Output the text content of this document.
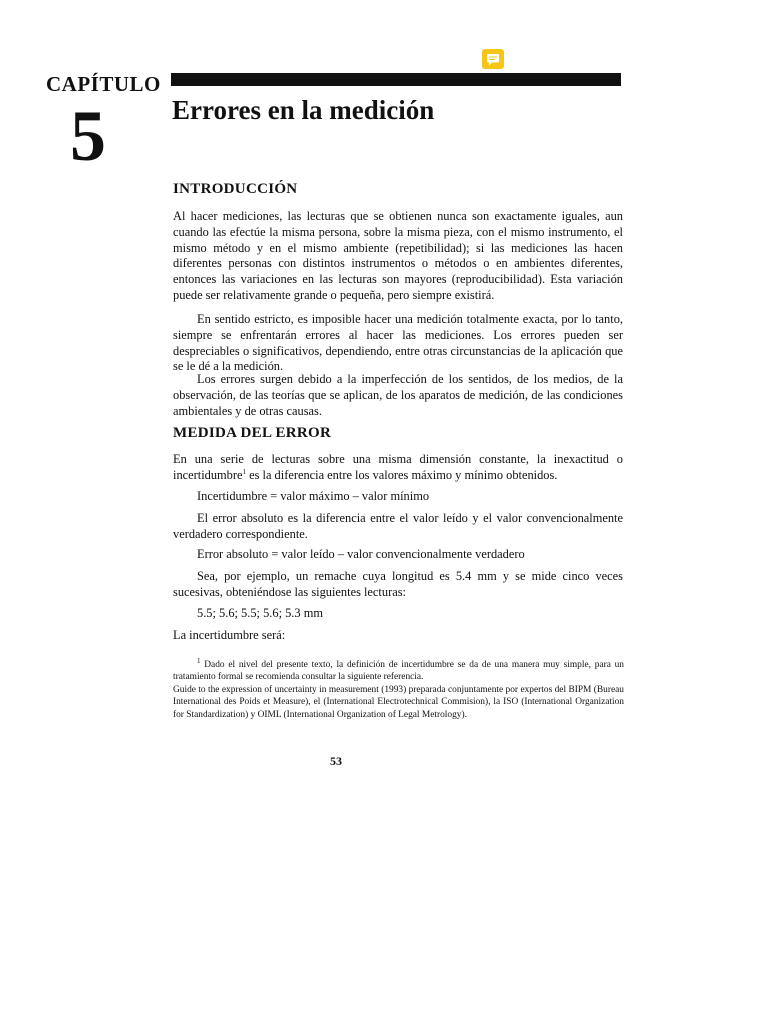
CAPÍTULO
5 Errores en la medición
INTRODUCCIÓN

Al hacer mediciones, las lecturas que se obtienen nunca son exactamente iguales, aun cuando las efectúe la misma persona, sobre la misma pieza, con el mismo instrumento, el mismo método y en el mismo ambiente (repetibilidad); si las mediciones las hacen diferentes personas con distintos instrumentos o métodos o en ambientes diferentes, entonces las variaciones en las lecturas son mayores (reproducibilidad). Esta variación puede ser relativamente grande o pequeña, pero siempre existirá.

En sentido estricto, es imposible hacer una medición totalmente exacta, por lo tanto, siempre se enfrentarán errores al hacer las mediciones. Los errores pueden ser despreciables o significativos, dependiendo, entre otras circunstancias de la aplicación que se le dé a la medición.

Los errores surgen debido a la imperfección de los sentidos, de los medios, de la observación, de las teorías que se aplican, de los aparatos de medición, de las condiciones ambientales y de otras causas.

MEDIDA DEL ERROR

En una serie de lecturas sobre una misma dimensión constante, la inexactitud o incertidumbre$^1$ es la diferencia entre los valores máximo y mínimo obtenidos.

Incertidumbre = valor máximo – valor mínimo

El error absoluto es la diferencia entre el valor leído y el valor convencionalmente verdadero correspondiente.

Error absoluto = valor leído – valor convencionalmente verdadero

Sea, por ejemplo, un remache cuya longitud es 5.4 mm y se mide cinco veces sucesivas, obteniéndose las siguientes lecturas:

5.5; 5.6; 5.5; 5.6; 5.3 mm

La incertidumbre será:

$^1$ Dado el nivel del presente texto, la definición de incertidumbre se da de una manera muy simple, para un tratamiento formal se recomienda consultar la siguiente referencia.

Guide to the expression of uncertainty in measurement (1993) preparada conjuntamente por expertos del BIPM (Bureau International des Poids et Measure), el (International Electrotechnical Commision), la ISO (International Organization for Standardization) y OIML (International Organization of Legal Metrology).

53
